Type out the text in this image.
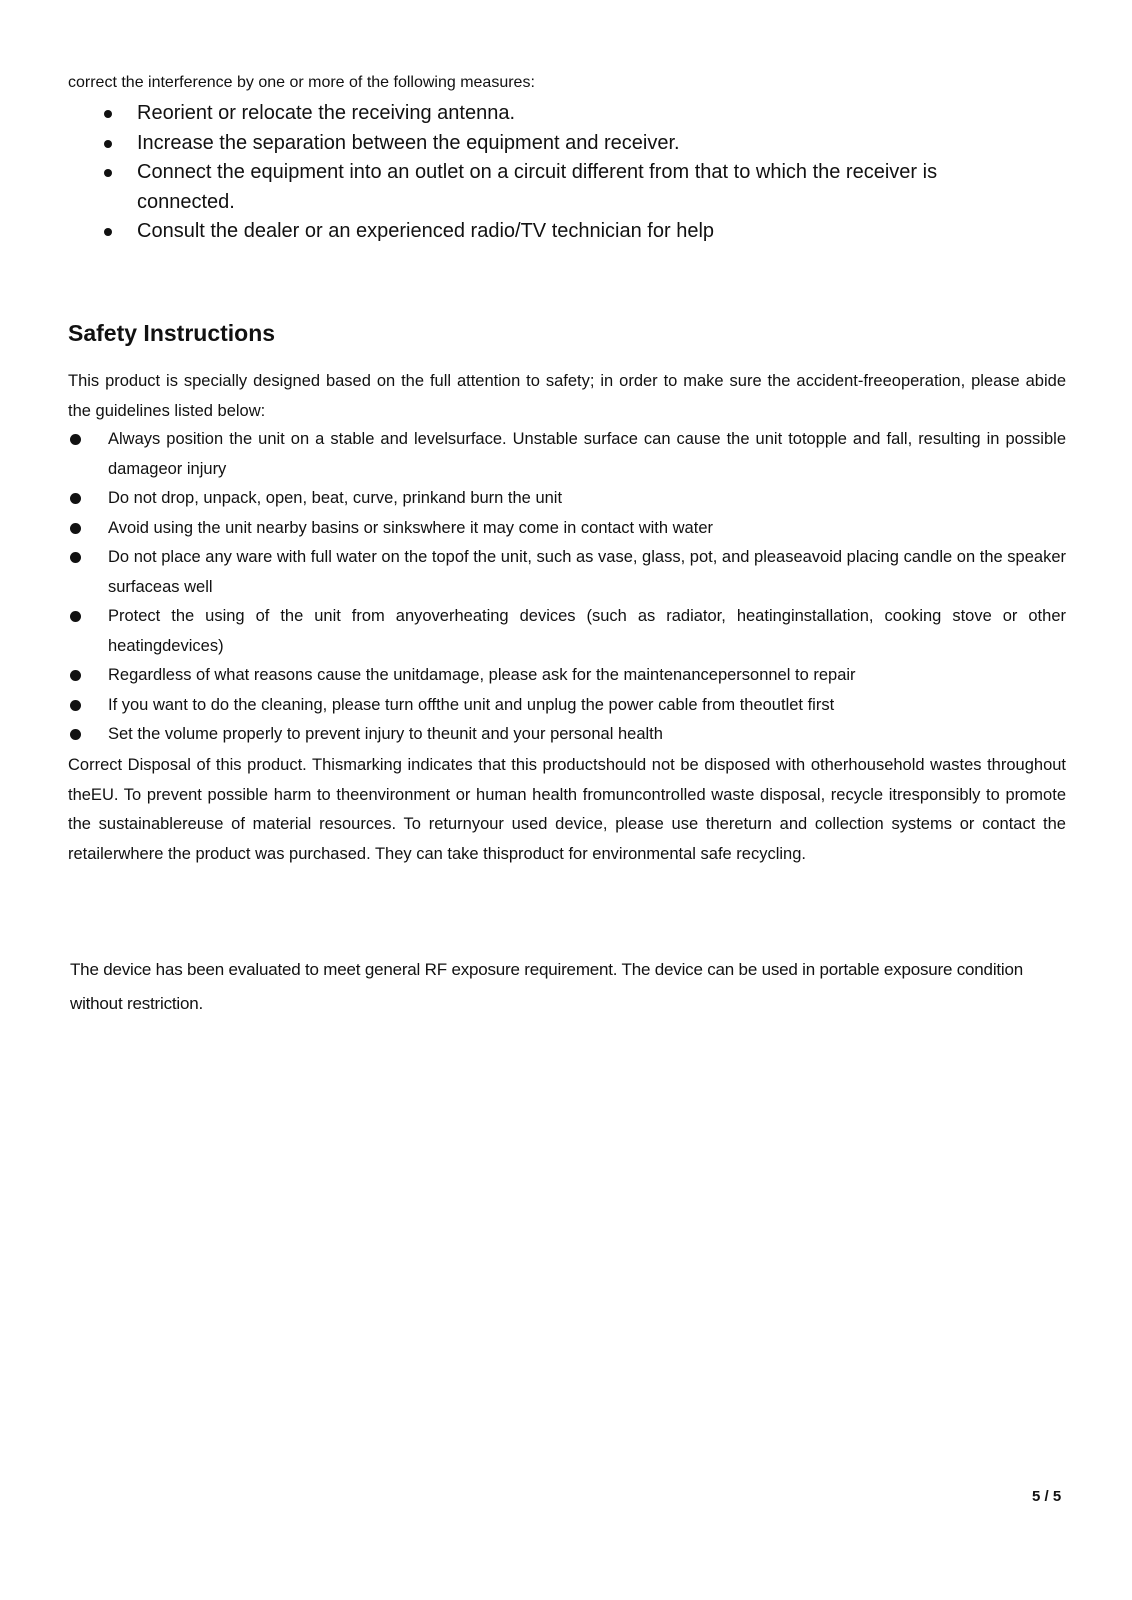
correct the interference by one or more of the following measures:
Reorient or relocate the receiving antenna.
Increase the separation between the equipment and receiver.
Connect the equipment into an outlet on a circuit different from that to which the receiver is connected.
Consult the dealer or an experienced radio/TV technician for help
Safety Instructions

This product is specially designed based on the full attention to safety; in order to make sure the accident-freeoperation, please abide the guidelines listed below:

Always position the unit on a stable and levelsurface. Unstable surface can cause the unit totopple and fall, resulting in possible damageor injury
Do not drop, unpack, open, beat, curve, prinkand burn the unit
Avoid using the unit nearby basins or sinkswhere it may come in contact with water
Do not place any ware with full water on the topof the unit, such as vase, glass, pot, and pleaseavoid placing candle on the speaker surfaceas well
Protect the using of the unit from anyoverheating devices (such as radiator, heatinginstallation, cooking stove or other heatingdevices)
Regardless of what reasons cause the unitdamage, please ask for the maintenancepersonnel to repair
If you want to do the cleaning, please turn offthe unit and unplug the power cable from theoutlet first
Set the volume properly to prevent injury to theunit and your personal health

Correct Disposal of this product. Thismarking indicates that this productshould not be disposed with otherhousehold wastes throughout theEU. To prevent possible harm to theenvironment or human health fromuncontrolled waste disposal, recycle itresponsibly to promote the sustainablereuse of material resources. To returnyour used device, please use thereturn and collection systems or contact the retailerwhere the product was purchased. They can take thisproduct for environmental safe recycling.

The device has been evaluated to meet general RF exposure requirement. The device can be used in portable exposure condition without restriction.

5 / 5
